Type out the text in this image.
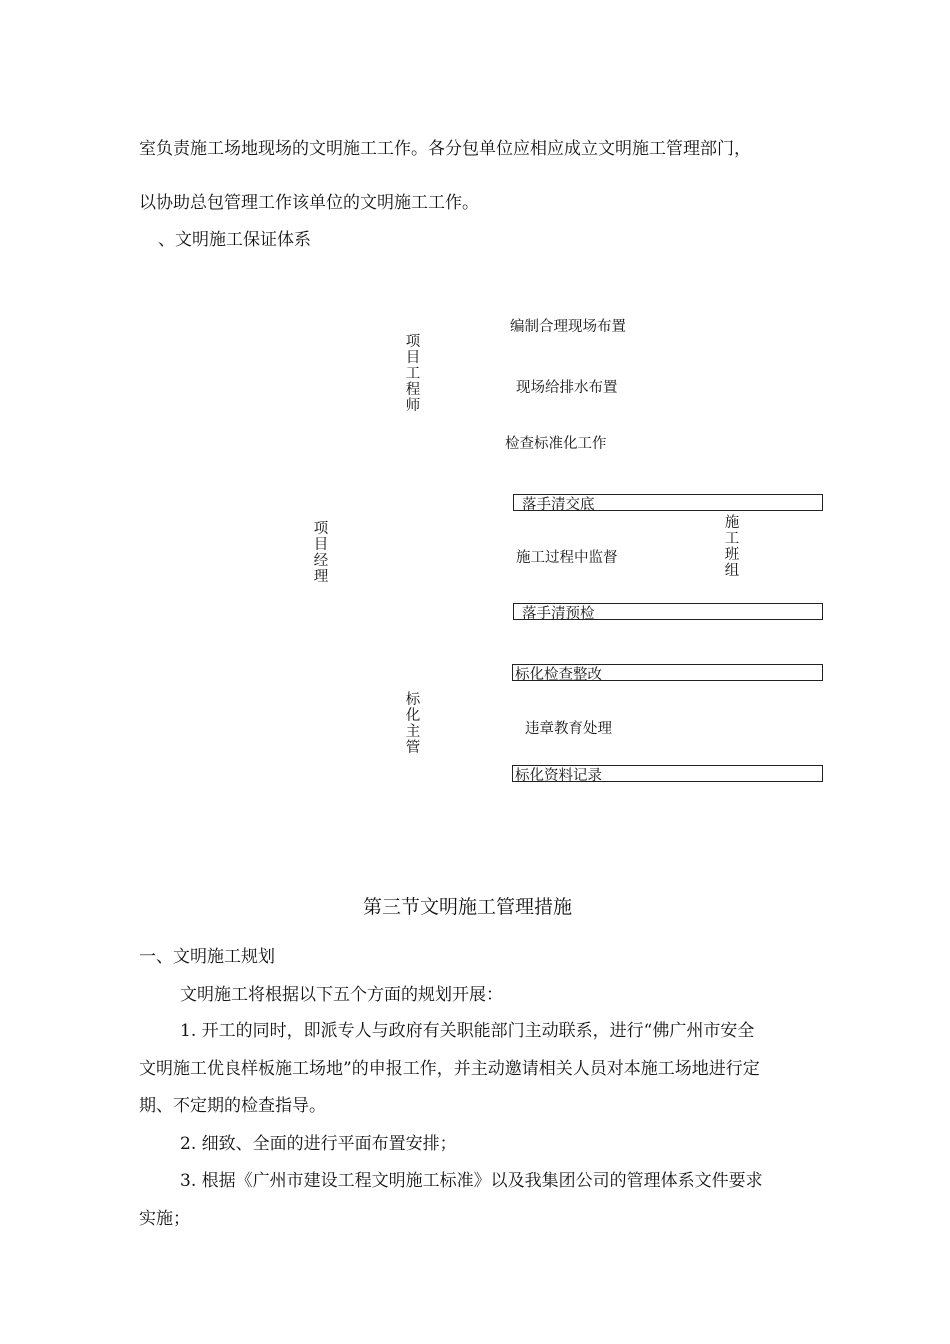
室负责施工场地现场的文明施工工作。各分包单位应相应成立文明施工管理部门，
以协助总包管理工作该单位的文明施工工作。
、文明施工保证体系
项目工程师
项目经理
标化主管
施工班组
编制合理现场布置
现场给排水布置
检查标准化工作
落手清交底
施工过程中监督
落手清预检
标化检查整改
违章教育处理
标化资料记录
第三节文明施工管理措施
一、文明施工规划
文明施工将根据以下五个方面的规划开展：
1. 开工的同时，即派专人与政府有关职能部门主动联系，进行“佛广州市安全
文明施工优良样板施工场地”的申报工作，并主动邀请相关人员对本施工场地进行定
期、不定期的检查指导。
2. 细致、全面的进行平面布置安排；
3. 根据《广州市建设工程文明施工标准》以及我集团公司的管理体系文件要求
实施；
